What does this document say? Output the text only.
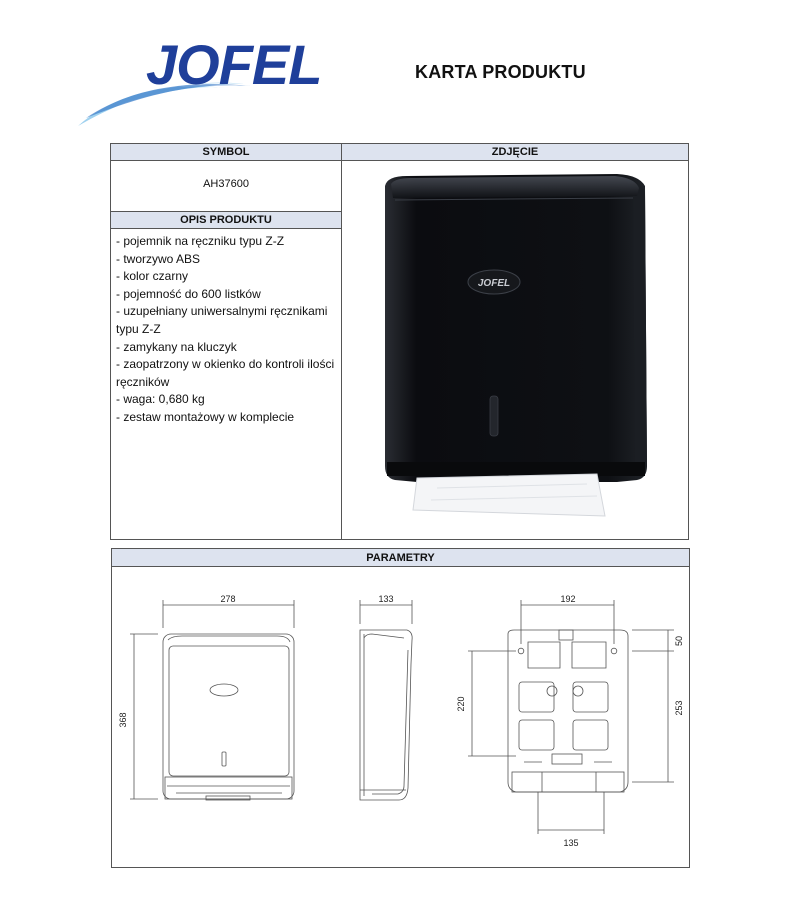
JOFEL	KARTA PRODUKTU
SYMBOL	ZDJĘCIE
AH37600
OPIS PRODUKTU
- pojemnik na ręczniku typu Z-Z
- tworzywo ABS
- kolor czarny
- pojemność do 600 listków
- uzupełniany uniwersalnymi ręcznikami typu Z-Z
- zamykany na kluczyk
- zaopatrzony w okienko do kontroli ilości ręczników
- waga: 0,680 kg
- zestaw montażowy w komplecie
JOFEL
PARAMETRY
278
368
133	192
50
253
220
135
